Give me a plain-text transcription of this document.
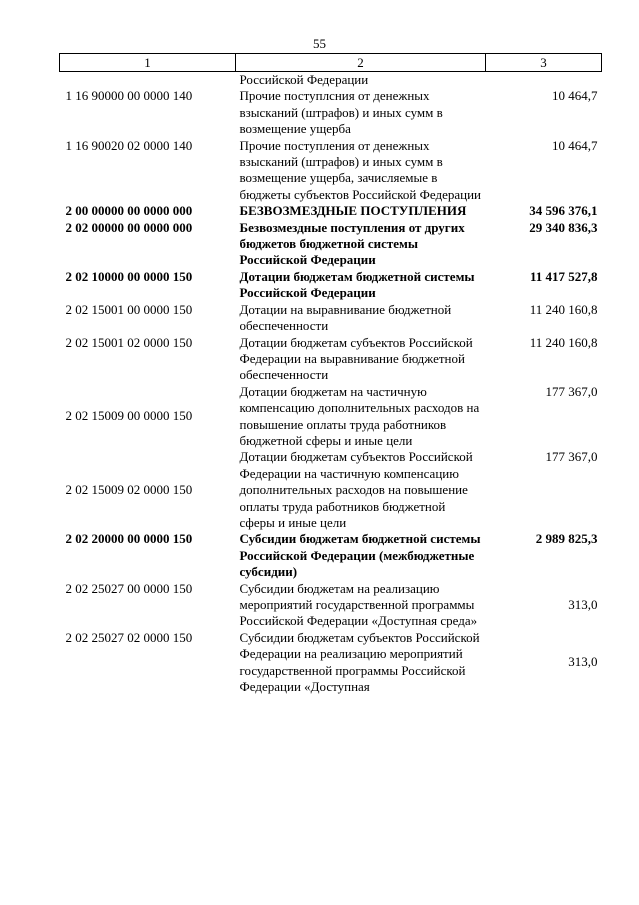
55
1	2	3
	Российской Федерации	
1 16 90000 00 0000 140	Прочие поступлсния от денежных взысканий (штрафов) и иных сумм в возмещение ущерба	10 464,7
1 16 90020 02 0000 140	Прочие поступления от денежных взысканий (штрафов) и иных сумм в возмещение ущерба, зачисляемые в бюджеты субъектов Российской Федерации	10 464,7
2 00 00000 00 0000 000	БЕЗВОЗМЕЗДНЫЕ ПОСТУПЛЕНИЯ	34 596 376,1
2 02 00000 00 0000 000	Безвозмездные поступления от других бюджетов бюджетной системы Российской Федерации	29 340 836,3
2 02 10000 00 0000 150	Дотации бюджетам бюджетной системы Российской Федерации	11 417 527,8
2 02 15001 00 0000 150	Дотации на выравнивание бюджетной обеспеченности	11 240 160,8
2 02 15001 02 0000 150	Дотации бюджетам субъектов Российской Федерации на выравнивание бюджетной обеспеченности	11 240 160,8
2 02 15009 00 0000 150	Дотации бюджетам на частичную компенсацию дополнительных расходов на повышение оплаты труда работников бюджетной сферы и иные цели	177 367,0
2 02 15009 02 0000 150	Дотации бюджетам субъектов Российской Федерации на частичную компенсацию дополнительных расходов на повышение оплаты труда работников бюджетной сферы и иные цели	177 367,0
2 02 20000 00 0000 150	Субсидии бюджетам бюджетной системы Российской Федерации (межбюджетные субсидии)	2 989 825,3
2 02 25027 00 0000 150	Субсидии бюджетам на реализацию мероприятий государственной программы Российской Федерации «Доступная среда»	313,0
2 02 25027 02 0000 150	Субсидии бюджетам субъектов Российской Федерации на реализацию мероприятий государственной программы Российской Федерации «Доступная	313,0
